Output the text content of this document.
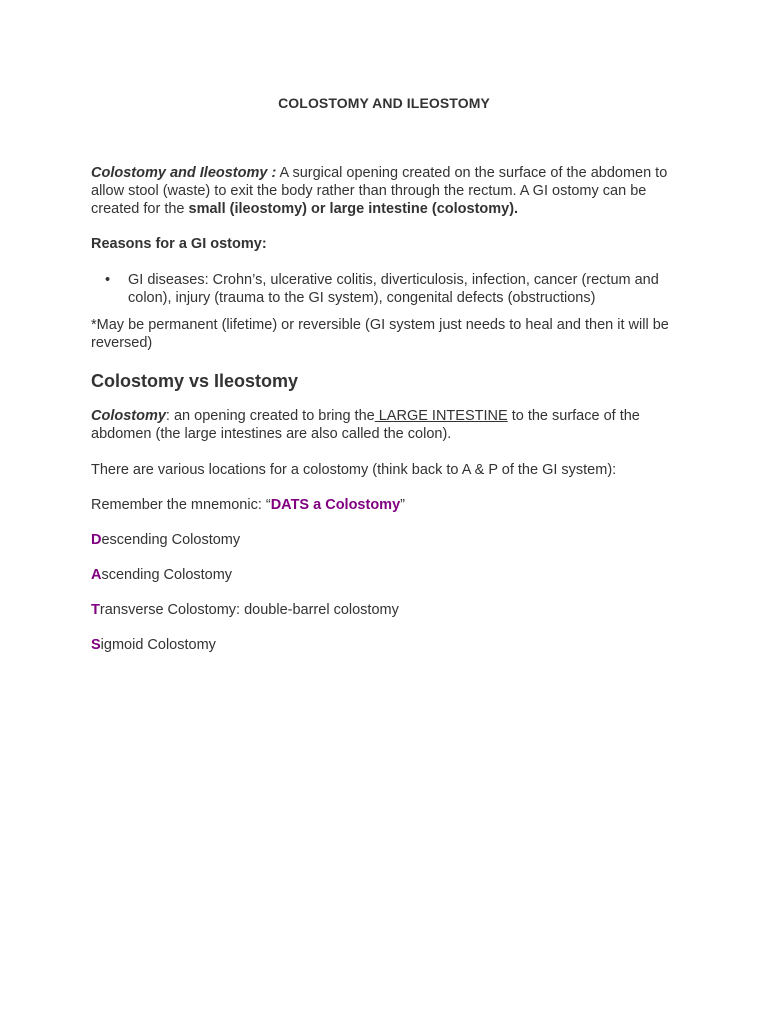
COLOSTOMY AND ILEOSTOMY
Colostomy and Ileostomy : A surgical opening created on the surface of the abdomen to allow stool (waste) to exit the body rather than through the rectum. A GI ostomy can be created for the small (ileostomy) or large intestine (colostomy).
Reasons for a GI ostomy:
• GI diseases: Crohn’s, ulcerative colitis, diverticulosis, infection, cancer (rectum and colon), injury (trauma to the GI system), congenital defects (obstructions)
*May be permanent (lifetime) or reversible (GI system just needs to heal and then it will be reversed)
Colostomy vs Ileostomy
Colostomy: an opening created to bring the LARGE INTESTINE to the surface of the abdomen (the large intestines are also called the colon).
There are various locations for a colostomy (think back to A & P of the GI system):
Remember the mnemonic: “DATS a Colostomy”
Descending Colostomy
Ascending Colostomy
Transverse Colostomy: double-barrel colostomy
Sigmoid Colostomy
